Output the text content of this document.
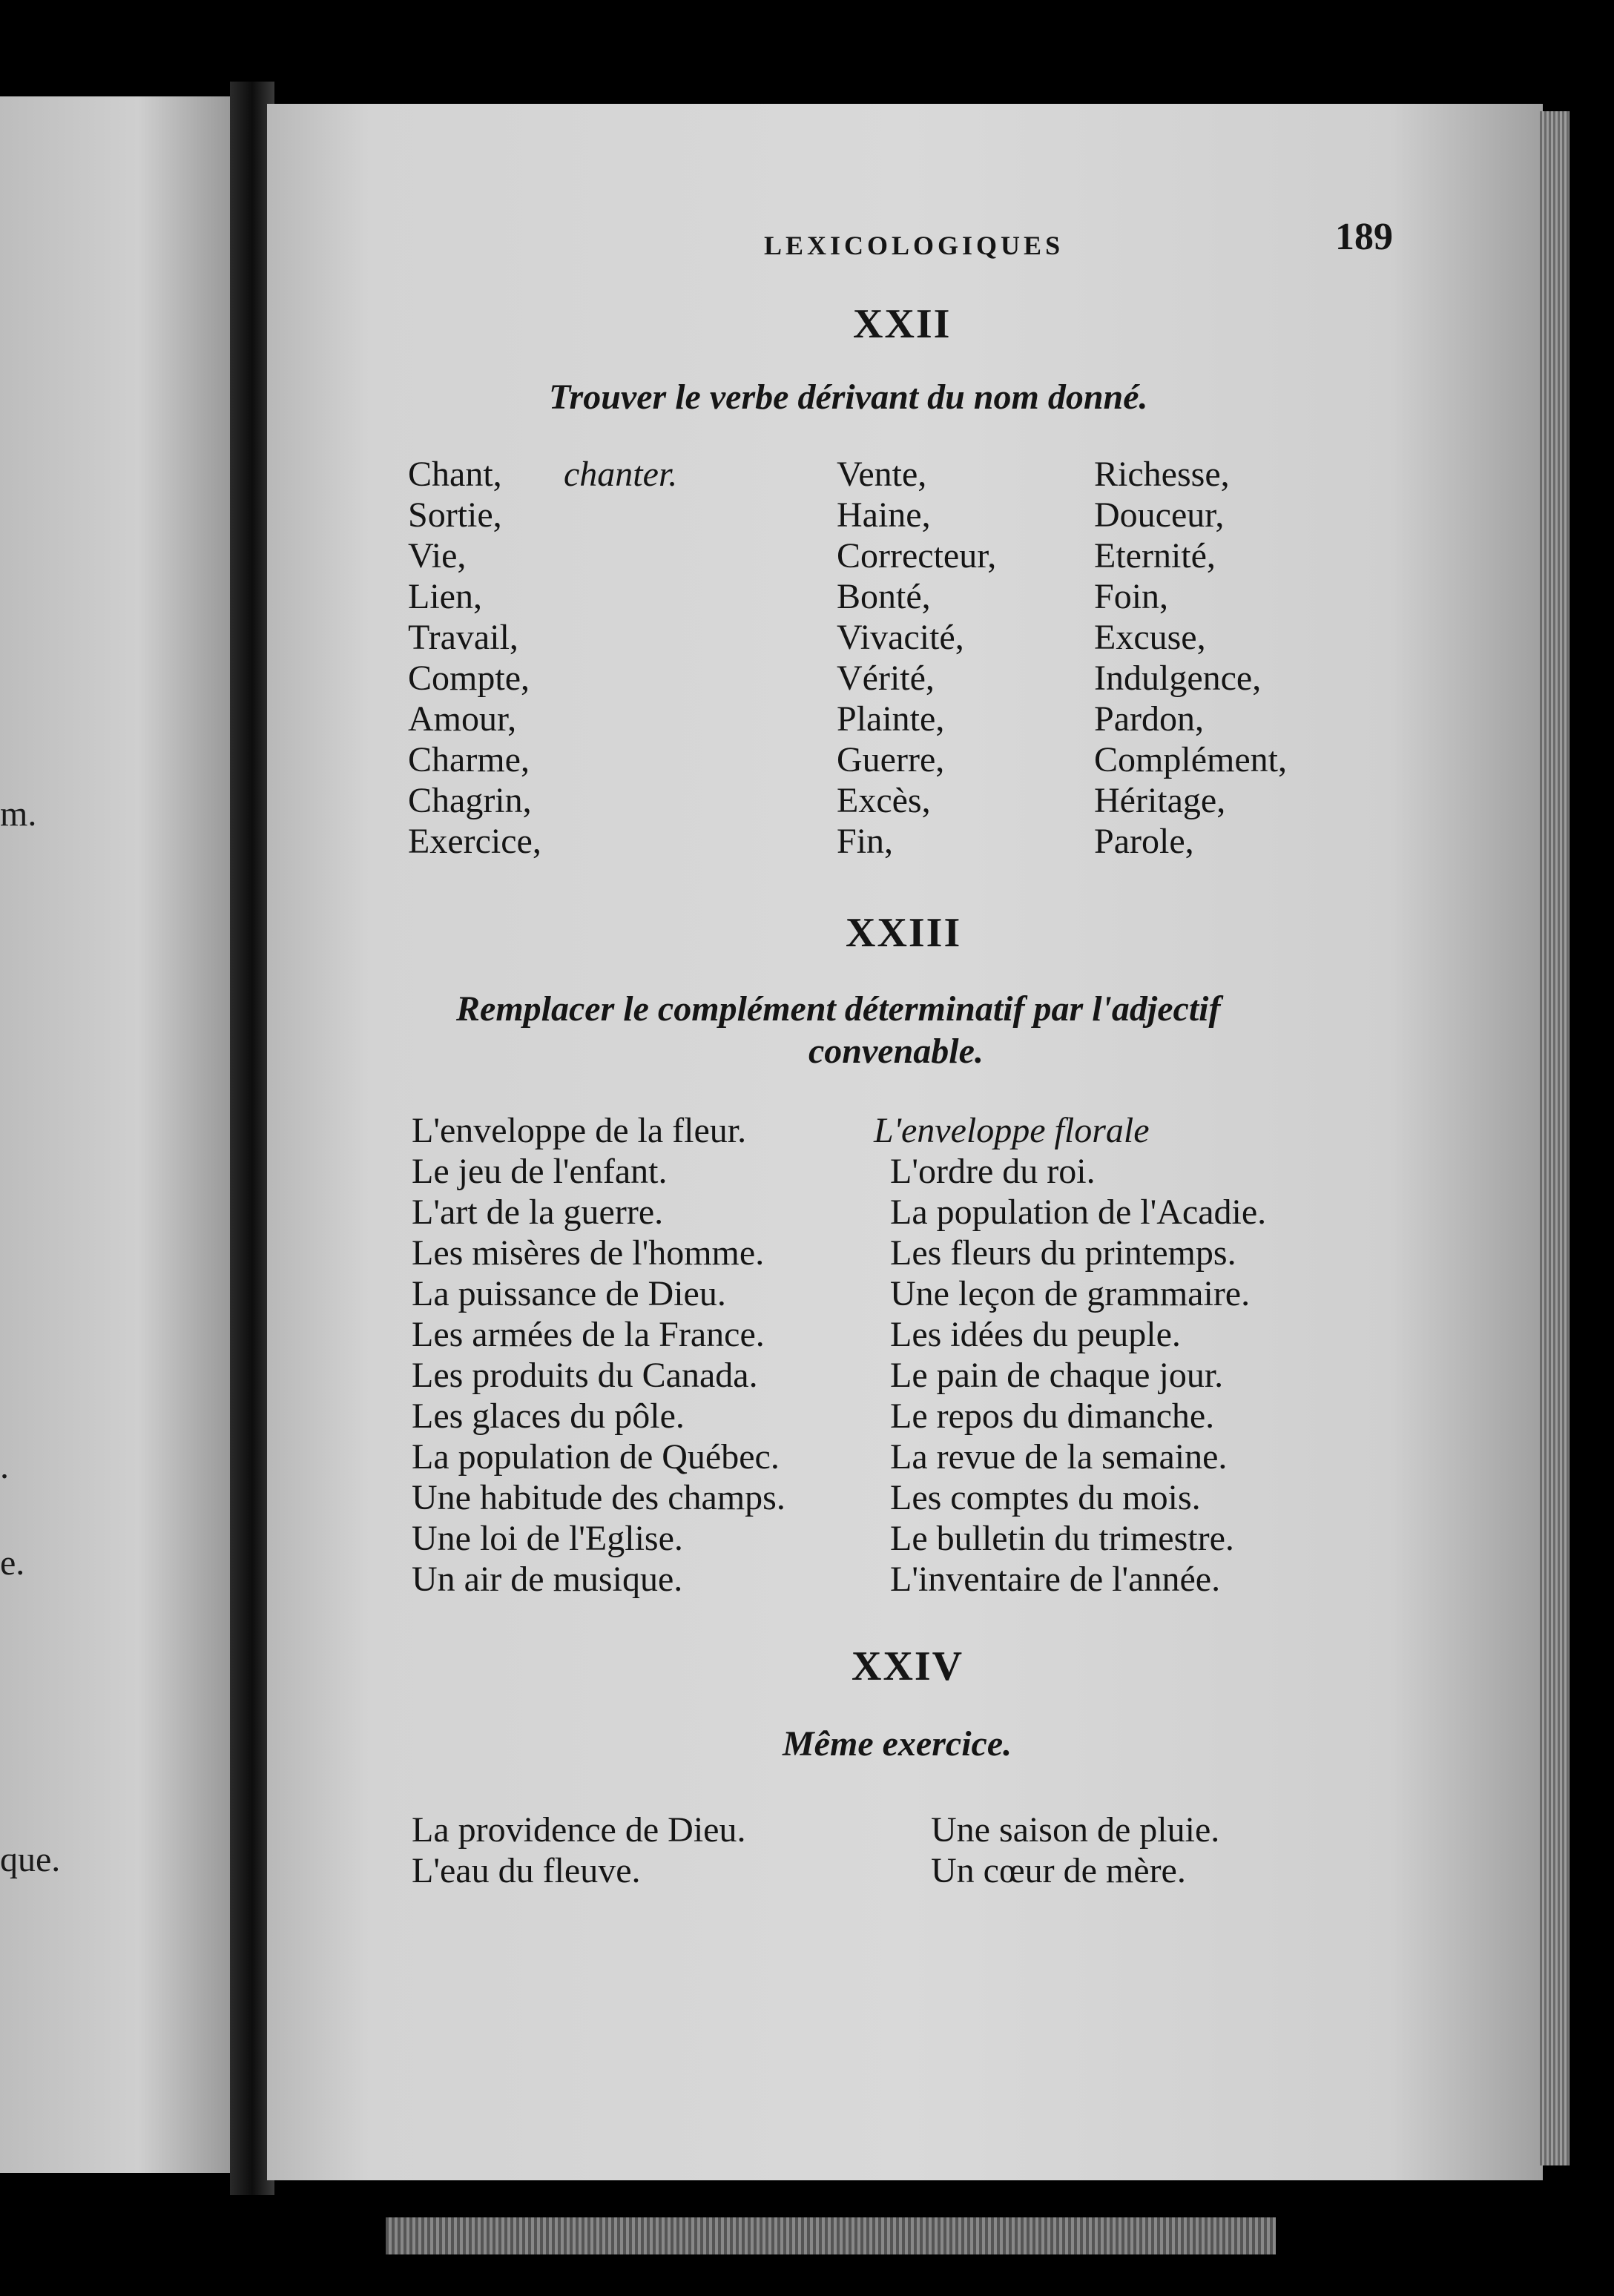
m.
.
e.
que.
LEXICOLOGIQUES	189
XXII
Trouver le verbe dérivant du nom donné.
Chant,
Sortie,
Vie,
Lien,
Travail,
Compte,
Amour,
Charme,
Chagrin,
Exercice,
chanter.	Vente,
Haine,
Correcteur,
Bonté,
Vivacité,
Vérité,
Plainte,
Guerre,
Excès,
Fin,
Richesse,
Douceur,
Eternité,
Foin,
Excuse,
Indulgence,
Pardon,
Complément,
Héritage,
Parole,
XXIII
Remplacer le complément déterminatif par l'adjectif
convenable.
L'enveloppe de la fleur.
Le jeu de l'enfant.
L'art de la guerre.
Les misères de l'homme.
La puissance de Dieu.
Les armées de la France.
Les produits du Canada.
Les glaces du pôle.
La population de Québec.
Une habitude des champs.
Une loi de l'Eglise.
Un air de musique.
L'enveloppe florale
L'ordre du roi.
La population de l'Acadie.
Les fleurs du printemps.
Une leçon de grammaire.
Les idées du peuple.
Le pain de chaque jour.
Le repos du dimanche.
La revue de la semaine.
Les comptes du mois.
Le bulletin du trimestre.
L'inventaire de l'année.
XXIV
Même exercice.
La providence de Dieu.
L'eau du fleuve.
Une saison de pluie.
Un cœur de mère.
